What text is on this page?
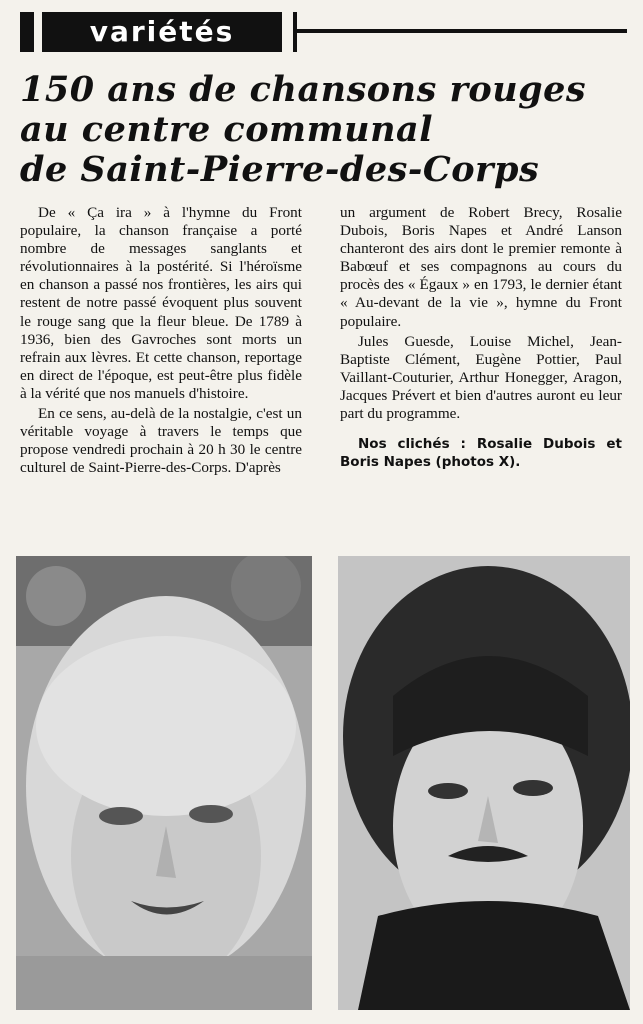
variétés
150 ans de chansons rouges
au centre communal
de Saint-Pierre-des-Corps

De « Ça ira » à l'hymne du Front populaire, la chanson française a porté nombre de messages sanglants et révolutionnaires à la postérité. Si l'héroïsme en chanson a passé nos frontières, les airs qui restent de notre passé évoquent plus souvent le rouge sang que la fleur bleue. De 1789 à 1936, bien des Gavroches sont morts un refrain aux lèvres. Et cette chanson, reportage en direct de l'époque, est peut-être plus fidèle à la vérité que nos manuels d'histoire.

En ce sens, au-delà de la nostalgie, c'est un véritable voyage à travers le temps que propose vendredi prochain à 20 h 30 le centre culturel de Saint-Pierre-des-Corps. D'après

un argument de Robert Brecy, Rosalie Dubois, Boris Napes et André Lanson chanteront des airs dont le premier remonte à Babœuf et ses compagnons au cours du procès des « Égaux » en 1793, le dernier étant « Au-devant de la vie », hymne du Front populaire.

Jules Guesde, Louise Michel, Jean-Baptiste Clément, Eugène Pottier, Paul Vaillant-Couturier, Arthur Honegger, Aragon, Jacques Prévert et bien d'autres auront eu leur part du programme.

Nos clichés : Rosalie Dubois et Boris Napes (photos X).
